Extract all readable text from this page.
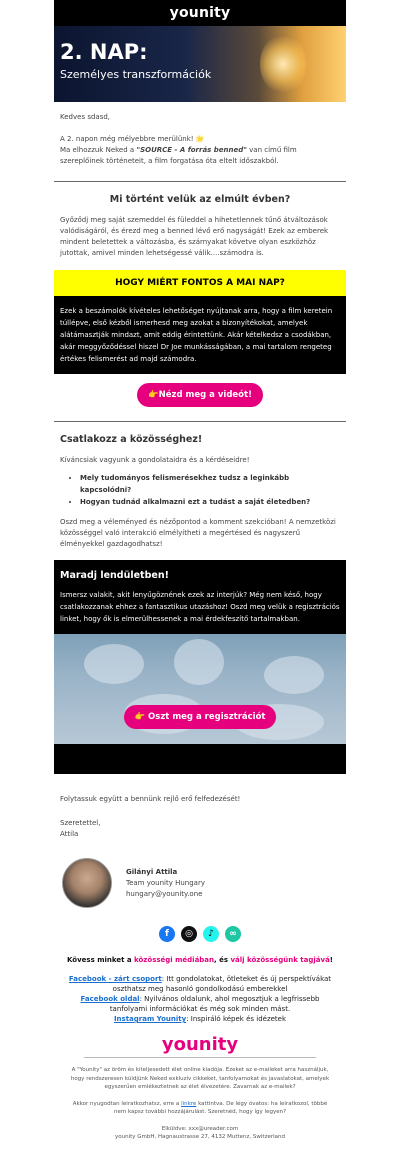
younity
2. NAP:
Személyes transzformációk

Kedves sdasd,

A 2. napon még mélyebbre merülünk! 🌟

Ma elhozzuk Neked a "SOURCE - A forrás benned" van című film szereplőinek történeteit, a film forgatása óta eltelt időszakból.

Mi történt velük az elmúlt évben?

Győződj meg saját szemeddel és füleddel a hihetetlennek tűnő átváltozások valódiságáról, és érezd meg a benned lévő erő nagyságát! Ezek az emberek mindent beletettek a változásba, és szárnyakat követve olyan eszközhöz jutottak, amivel minden lehetségessé válik....számodra is.

HOGY MIÉRT FONTOS A MAI NAP?
Ezek a beszámolók kívételes lehetőséget nyújtanak arra, hogy a film keretein túllépve, első kézből ismerhesd meg azokat a bizonyítékokat, amelyek alátámasztják mindazt, amit eddig érintettünk. Akár kételkedsz a csodákban, akár meggyőződéssel hiszel Dr Joe munkásságában, a mai tartalom rengeteg értékes felismerést ad majd számodra.
👉Nézd meg a videót!
Csatlakozz a közösséghez!

Kíváncsiak vagyunk a gondolataidra és a kérdéseidre!

• Mely tudományos felismerésekhez tudsz a leginkább kapcsolódni?
• Hogyan tudnád alkalmazni ezt a tudást a saját életedben?

Oszd meg a véleményed és nézőpontod a komment szekcióban! A nemzetközi közösséggel való interakció elmélyítheti a megértésed és nagyszerű élményekkel gazdagodhatsz!

Maradj lendületben!
Ismersz valakit, akit lenyűgöznének ezek az interjúk? Még nem késő, hogy csatlakozzanak ehhez a fantasztikus utazáshoz! Oszd meg velük a regisztrációs linket, hogy ők is elmerülhessenek a mai érdekfeszítő tartalmakban.
👉 Oszt meg a regisztrációt

Folytassuk együtt a bennünk rejlő erő felfedezését!

Szeretettel,

Attila

Gilányi Attila
Team younity Hungary
hungary@younity.one
f	◎	♪	∞
Kövess minket a közösségi médiában, és válj közösségünk tagjává!
Facebook - zárt csoport: Itt gondolatokat, ötleteket és új perspektívákat oszthatsz meg hasonló gondolkodású emberekkel
Facebook oldal: Nyilvános oldalunk, ahol megosztjuk a legfrissebb tanfolyami információkat és még sok minden mást.
Instagram Younity: Inspiráló képek és idézetek
younity
A "Younity" az öröm és kiteljesedett élet online kiadója. Ezeket az e-maileket arra használjuk, hogy rendszeresen küldjünk Neked exkluzív cikkeket, tanfolyamokat és javaslatokat, amelyek egyszerűen emlékeztetnek az élet élvezetére. Zavarnak az e-mailek?
Akkor nyugodtan leiratkozhatsz, erre a linkre kattintva. De légy óvatos: ha leiratkozol, többé nem kapsz további hozzájárulást. Szeretnéd, hogy így legyen?
Elküldve: xxx@ureader.com
younity GmbH, Hagnaustrasse 27, 4132 Muttenz, Switzerland
